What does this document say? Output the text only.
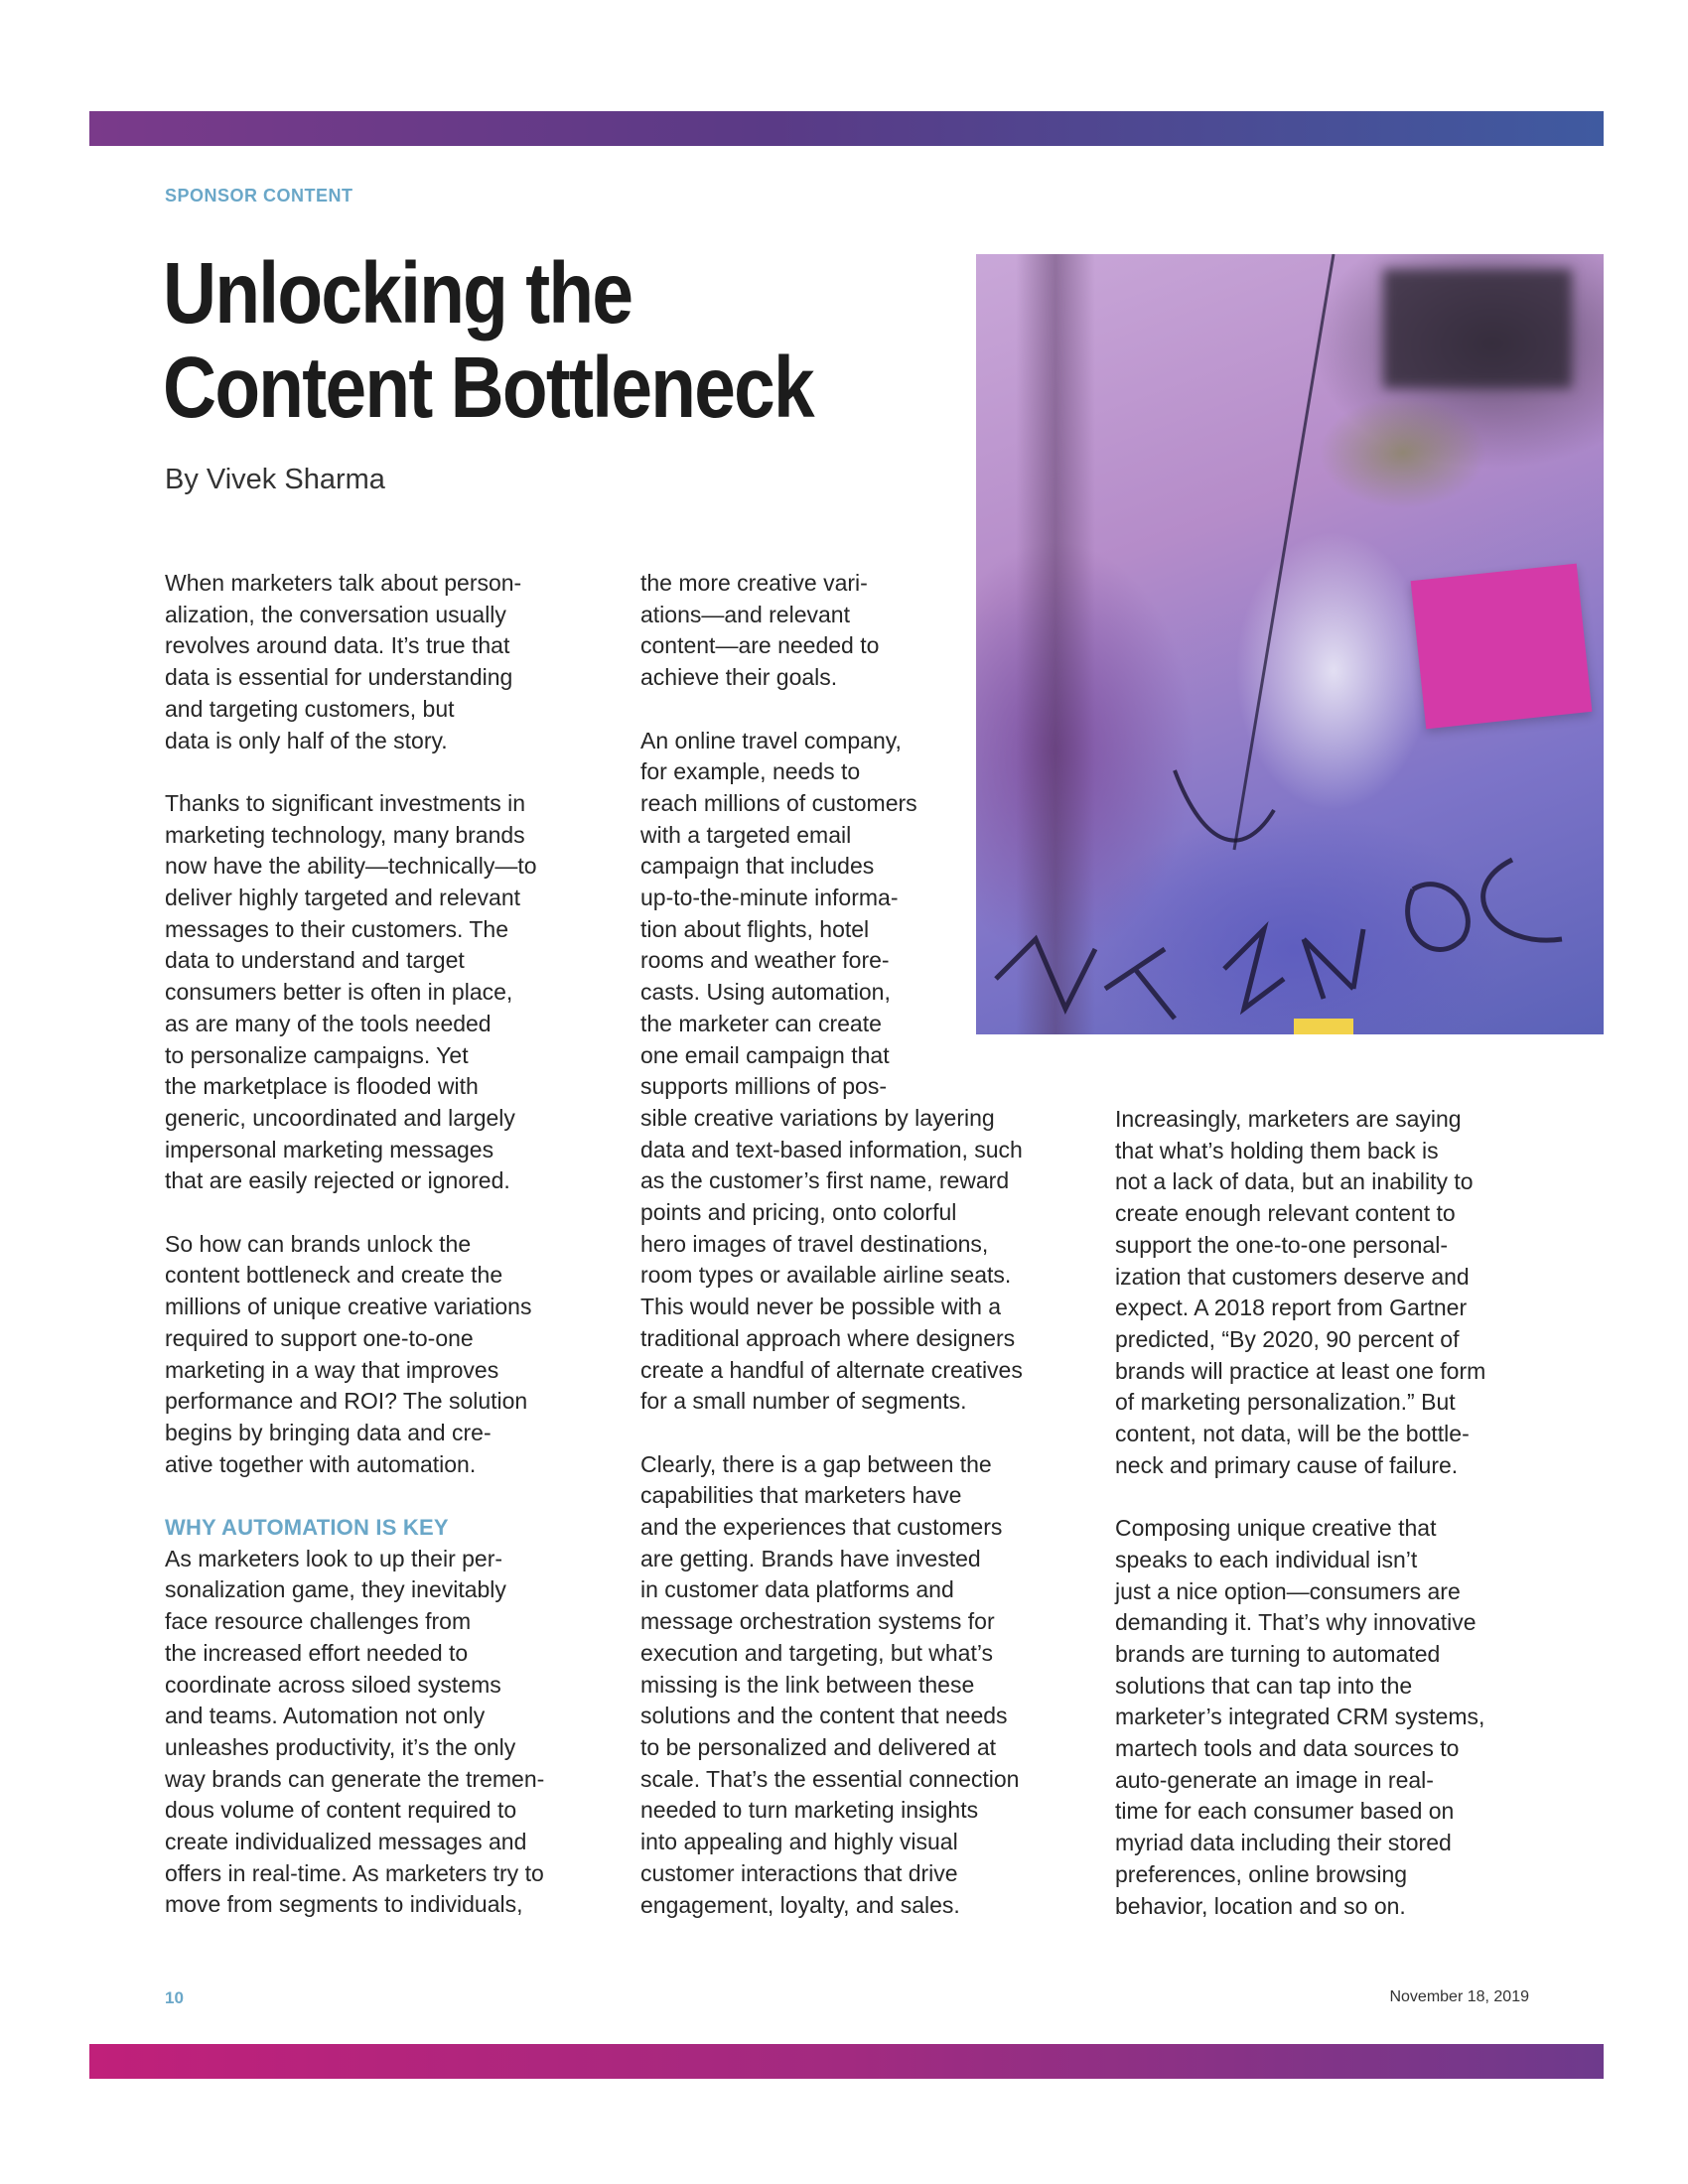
SPONSOR CONTENT
Unlocking the
Content Bottleneck
By Vivek Sharma

When marketers talk about person-

alization, the conversation usually

revolves around data. It’s true that

data is essential for understanding

and targeting customers, but

data is only half of the story.

Thanks to significant investments in

marketing technology, many brands

now have the ability—technically—to

deliver highly targeted and relevant

messages to their customers. The

data to understand and target

consumers better is often in place,

as are many of the tools needed

to personalize campaigns. Yet

the marketplace is flooded with

generic, uncoordinated and largely

impersonal marketing messages

that are easily rejected or ignored.

So how can brands unlock the

content bottleneck and create the

millions of unique creative variations

required to support one-to-one

marketing in a way that improves

performance and ROI? The solution

begins by bringing data and cre-

ative together with automation.

WHY AUTOMATION IS KEY

As marketers look to up their per-

sonalization game, they inevitably

face resource challenges from

the increased effort needed to

coordinate across siloed systems

and teams. Automation not only

unleashes productivity, it’s the only

way brands can generate the tremen-

dous volume of content required to

create individualized messages and

offers in real-time. As marketers try to

move from segments to individuals,

the more creative vari-

ations—and relevant

content—are needed to

achieve their goals.

An online travel company,

for example, needs to

reach millions of customers

with a targeted email

campaign that includes

up-to-the-minute informa-

tion about flights, hotel

rooms and weather fore-

casts. Using automation,

the marketer can create

one email campaign that

supports millions of pos-

sible creative variations by layering

data and text-based information, such

as the customer’s first name, reward

points and pricing, onto colorful

hero images of travel destinations,

room types or available airline seats.

This would never be possible with a

traditional approach where designers

create a handful of alternate creatives

for a small number of segments.

Clearly, there is a gap between the

capabilities that marketers have

and the experiences that customers

are getting. Brands have invested

in customer data platforms and

message orchestration systems for

execution and targeting, but what’s

missing is the link between these

solutions and the content that needs

to be personalized and delivered at

scale. That’s the essential connection

needed to turn marketing insights

into appealing and highly visual

customer interactions that drive

engagement, loyalty, and sales.

Increasingly, marketers are saying

that what’s holding them back is

not a lack of data, but an inability to

create enough relevant content to

support the one-to-one personal-

ization that customers deserve and

expect. A 2018 report from Gartner

predicted, “By 2020, 90 percent of

brands will practice at least one form

of marketing personalization.” But

content, not data, will be the bottle-

neck and primary cause of failure.

Composing unique creative that

speaks to each individual isn’t

just a nice option—consumers are

demanding it. That’s why innovative

brands are turning to automated

solutions that can tap into the

marketer’s integrated CRM systems,

martech tools and data sources to

auto-generate an image in real-

time for each consumer based on

myriad data including their stored

preferences, online browsing

behavior, location and so on.

10	November 18, 2019
